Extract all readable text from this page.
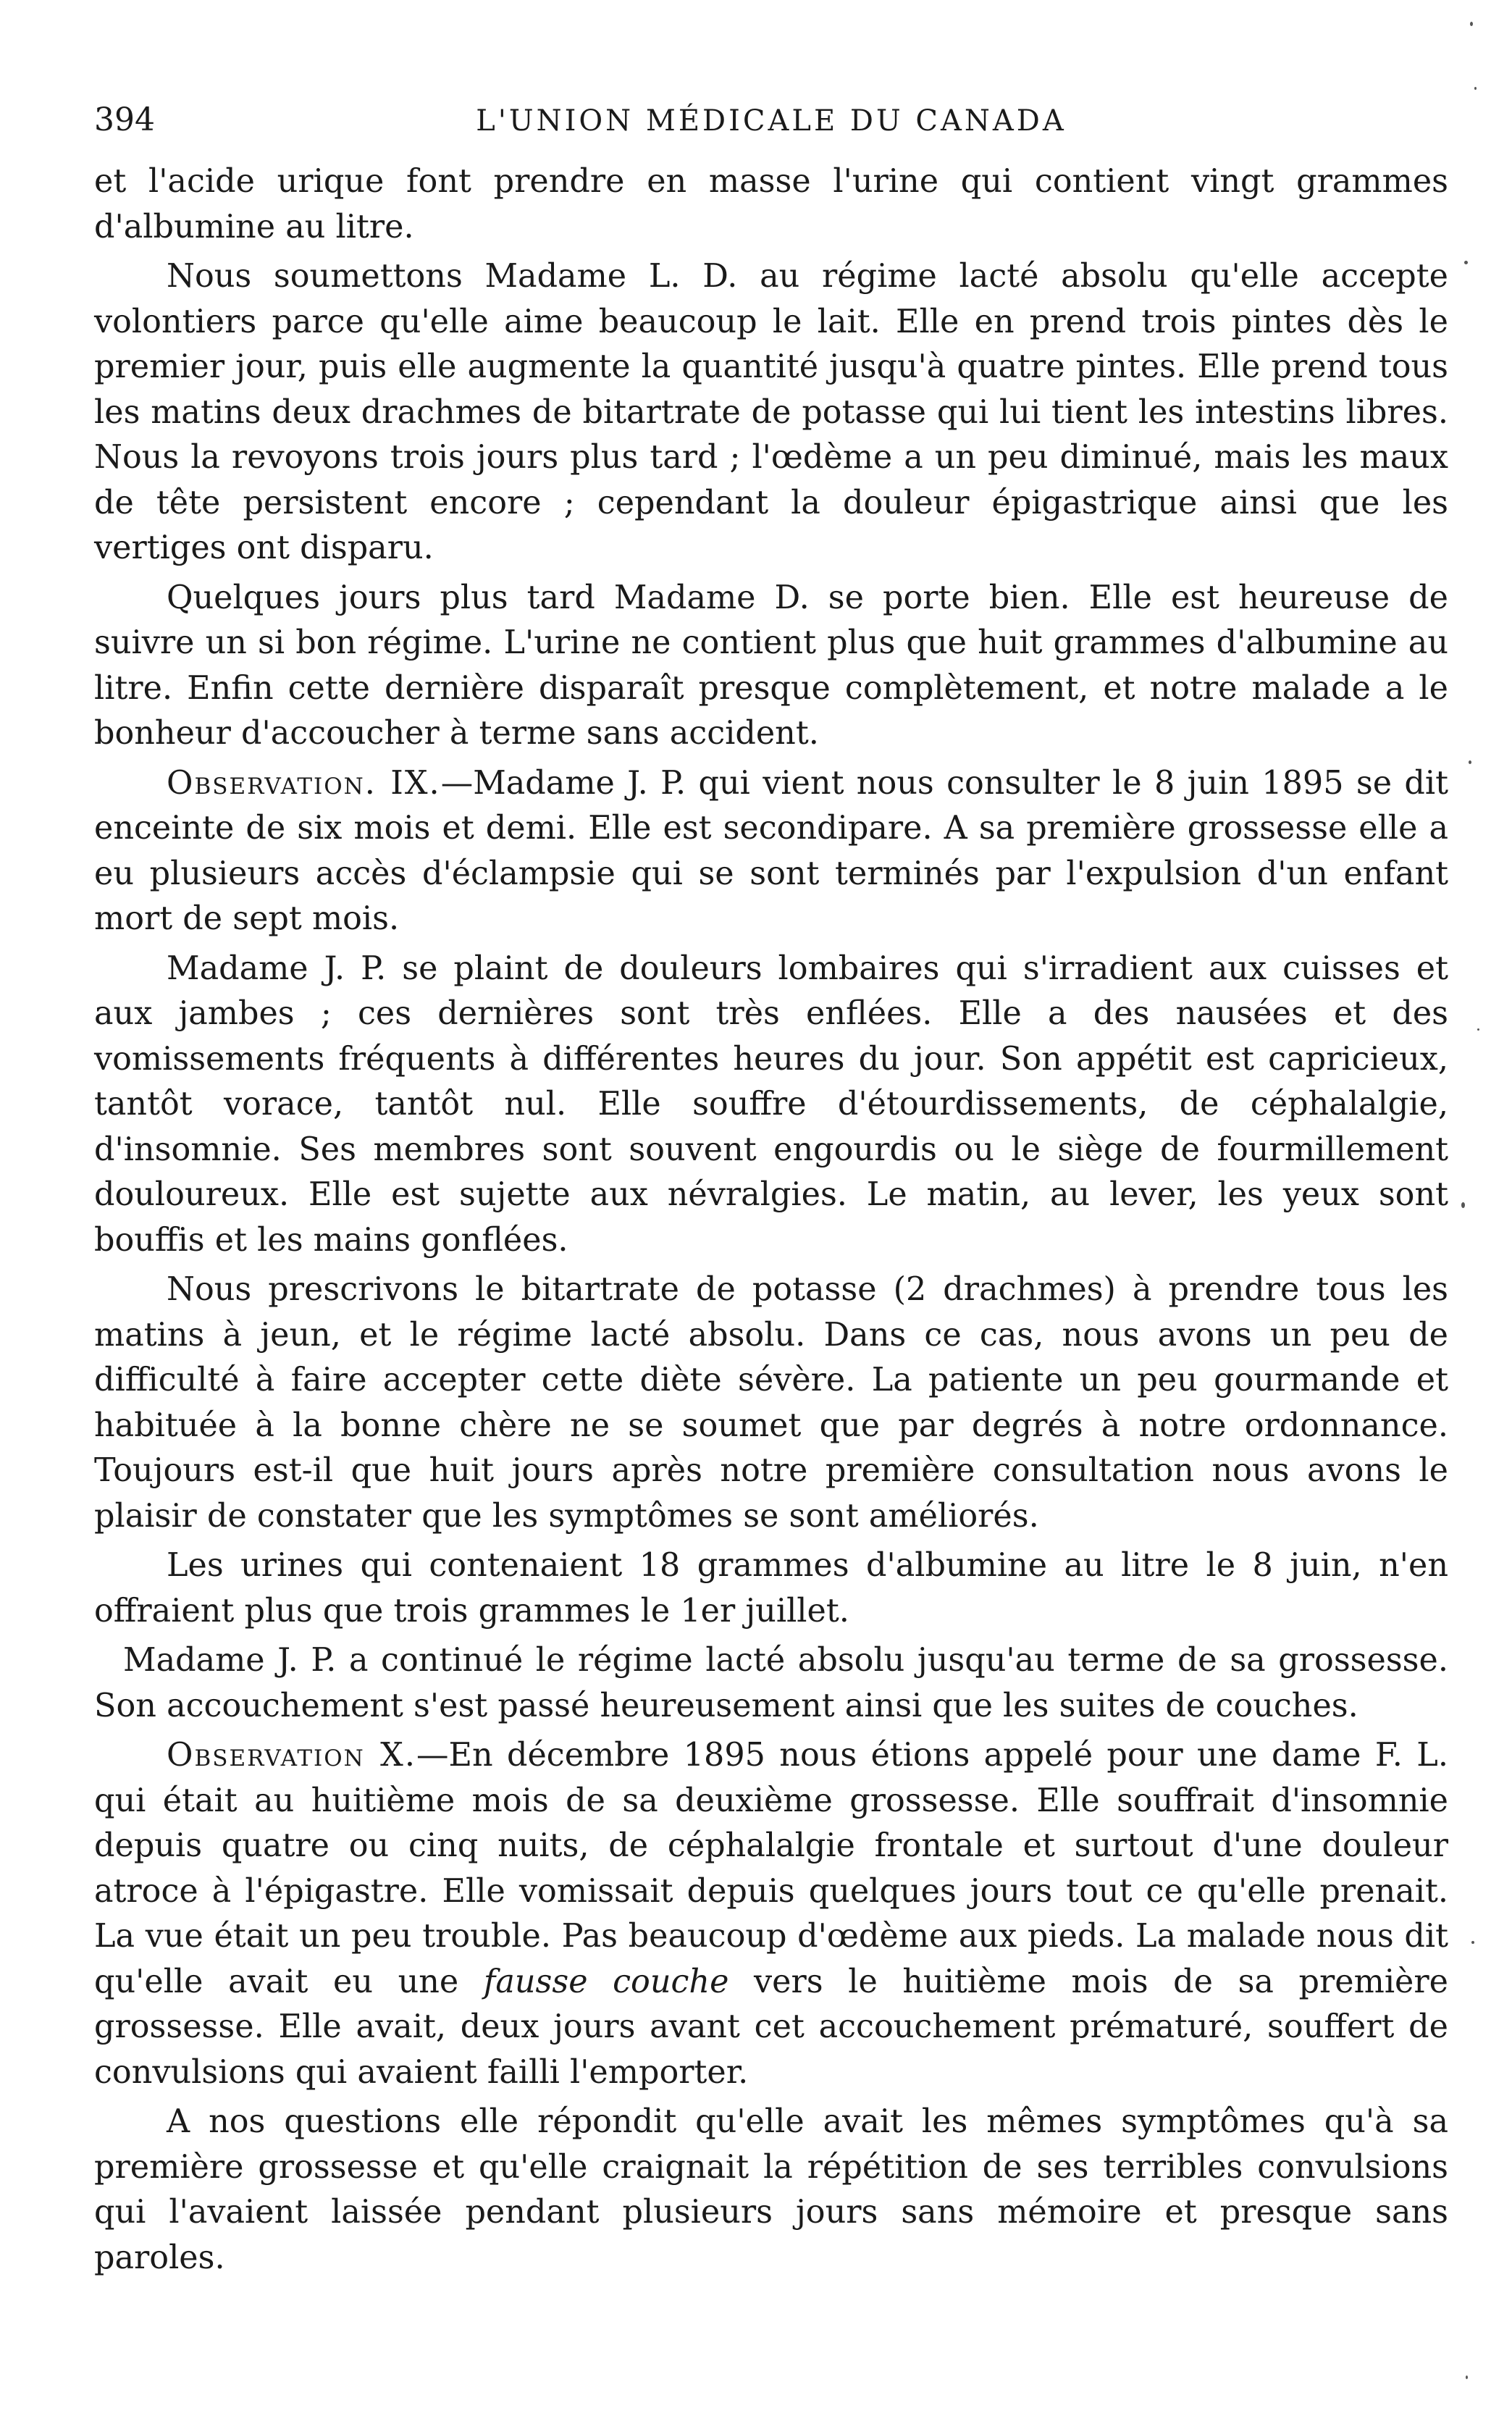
394	L'UNION MÉDICALE DU CANADA

et l'acide urique font prendre en masse l'urine qui contient vingt grammes d'albumine au litre.

Nous soumettons Madame L. D. au régime lacté absolu qu'elle accepte volontiers parce qu'elle aime beaucoup le lait. Elle en prend trois pintes dès le premier jour, puis elle augmente la quantité jusqu'à quatre pintes. Elle prend tous les matins deux drachmes de bitartrate de potasse qui lui tient les intestins libres. Nous la revoyons trois jours plus tard ; l'œdème a un peu diminué, mais les maux de tête persistent encore ; cependant la douleur épigastrique ainsi que les vertiges ont disparu.

Quelques jours plus tard Madame D. se porte bien. Elle est heureuse de suivre un si bon régime. L'urine ne contient plus que huit grammes d'albumine au litre. Enfin cette dernière disparaît presque complètement, et notre malade a le bonheur d'accoucher à terme sans accident.

Observation. IX.—Madame J. P. qui vient nous consulter le 8 juin 1895 se dit enceinte de six mois et demi. Elle est secondipare. A sa première grossesse elle a eu plusieurs accès d'éclampsie qui se sont terminés par l'expulsion d'un enfant mort de sept mois.

Madame J. P. se plaint de douleurs lombaires qui s'irradient aux cuisses et aux jambes ; ces dernières sont très enflées. Elle a des nausées et des vomissements fréquents à différentes heures du jour. Son appétit est capricieux, tantôt vorace, tantôt nul. Elle souffre d'étourdissements, de céphalalgie, d'insomnie. Ses membres sont souvent engourdis ou le siège de fourmillement douloureux. Elle est sujette aux névralgies. Le matin, au lever, les yeux sont bouffis et les mains gonflées.

Nous prescrivons le bitartrate de potasse (2 drachmes) à prendre tous les matins à jeun, et le régime lacté absolu. Dans ce cas, nous avons un peu de difficulté à faire accepter cette diète sévère. La patiente un peu gourmande et habituée à la bonne chère ne se soumet que par degrés à notre ordonnance. Toujours est-il que huit jours après notre première consultation nous avons le plaisir de constater que les symptômes se sont améliorés.

Les urines qui contenaient 18 grammes d'albumine au litre le 8 juin, n'en offraient plus que trois grammes le 1er juillet.

Madame J. P. a continué le régime lacté absolu jusqu'au terme de sa grossesse. Son accouchement s'est passé heureusement ainsi que les suites de couches.

Observation X.—En décembre 1895 nous étions appelé pour une dame F. L. qui était au huitième mois de sa deuxième grossesse. Elle souffrait d'insomnie depuis quatre ou cinq nuits, de céphalalgie frontale et surtout d'une douleur atroce à l'épigastre. Elle vomissait depuis quelques jours tout ce qu'elle prenait. La vue était un peu trouble. Pas beaucoup d'œdème aux pieds. La malade nous dit qu'elle avait eu une fausse couche vers le huitième mois de sa première grossesse. Elle avait, deux jours avant cet accouchement prématuré, souffert de convulsions qui avaient failli l'emporter.

A nos questions elle répondit qu'elle avait les mêmes symptômes qu'à sa première grossesse et qu'elle craignait la répétition de ses terribles convulsions qui l'avaient laissée pendant plusieurs jours sans mémoire et presque sans paroles.
